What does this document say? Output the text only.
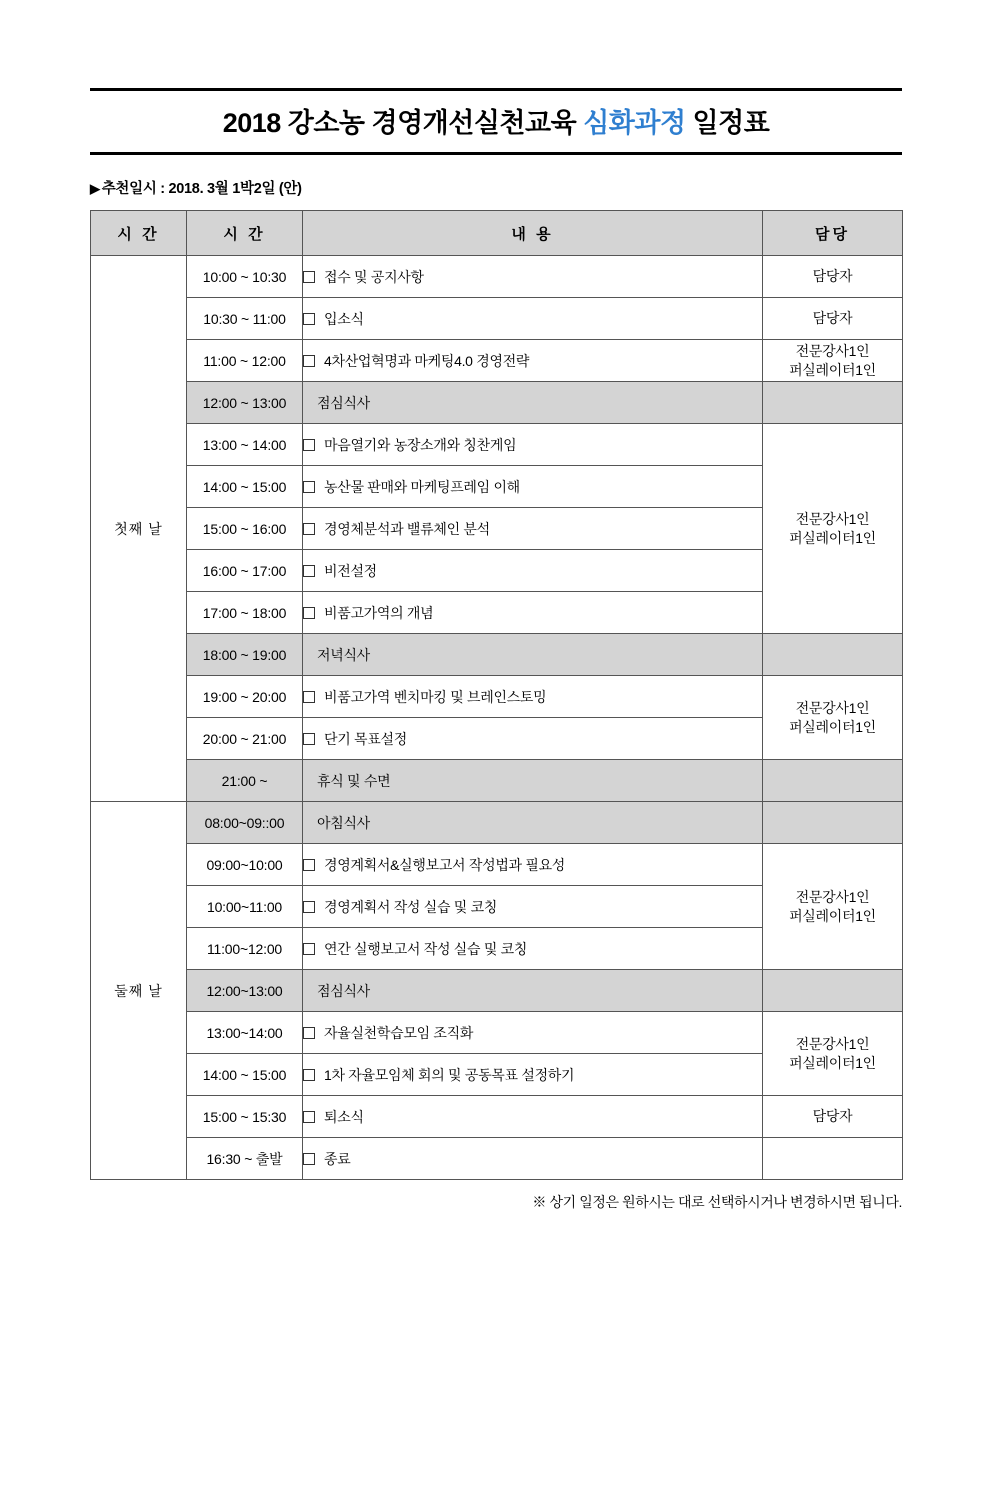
2018 강소농 경영개선실천교육 심화과정 일정표
▶ 추천일시 : 2018. 3월 1박2일 (안)
시 간	시 간	내 용	담당
첫째 날	10:00 ~ 10:30	접수 및 공지사항	담당자

	10:30 ~ 11:00	입소식	담당자

	11:00 ~ 12:00	4차산업혁명과 마케팅4.0 경영전략	전문강사1인
퍼실레이터1인

	12:00 ~ 13:00	점심식사	
	13:00 ~ 14:00	마음열기와 농장소개와 칭찬게임	전문강사1인
퍼실레이터1인

	14:00 ~ 15:00	농산물 판매와 마케팅프레임 이해	
	15:00 ~ 16:00	경영체분석과 밸류체인 분석	
	16:00 ~ 17:00	비전설정	
	17:00 ~ 18:00	비품고가역의 개념	
	18:00 ~ 19:00	저녁식사	
	19:00 ~ 20:00	비품고가역 벤치마킹 및 브레인스토밍	전문강사1인
퍼실레이터1인

	20:00 ~ 21:00	단기 목표설정	
	21:00 ~	휴식 및 수면	
둘째 날	08:00~09::00	아침식사	
	09:00~10:00	경영계획서&실행보고서 작성법과 필요성	전문강사1인
퍼실레이터1인

	10:00~11:00	경영계획서 작성 실습 및 코칭	
	11:00~12:00	연간 실행보고서 작성 실습 및 코칭	
	12:00~13:00	점심식사	
	13:00~14:00	자율실천학습모임 조직화	전문강사1인
퍼실레이터1인

	14:00 ~ 15:00	1차 자율모임체 회의 및 공동목표 설정하기	
	15:00 ~ 15:30	퇴소식	담당자

	16:30 ~ 출발	종료	
※ 상기 일정은 원하시는 대로 선택하시거나 변경하시면 됩니다.
